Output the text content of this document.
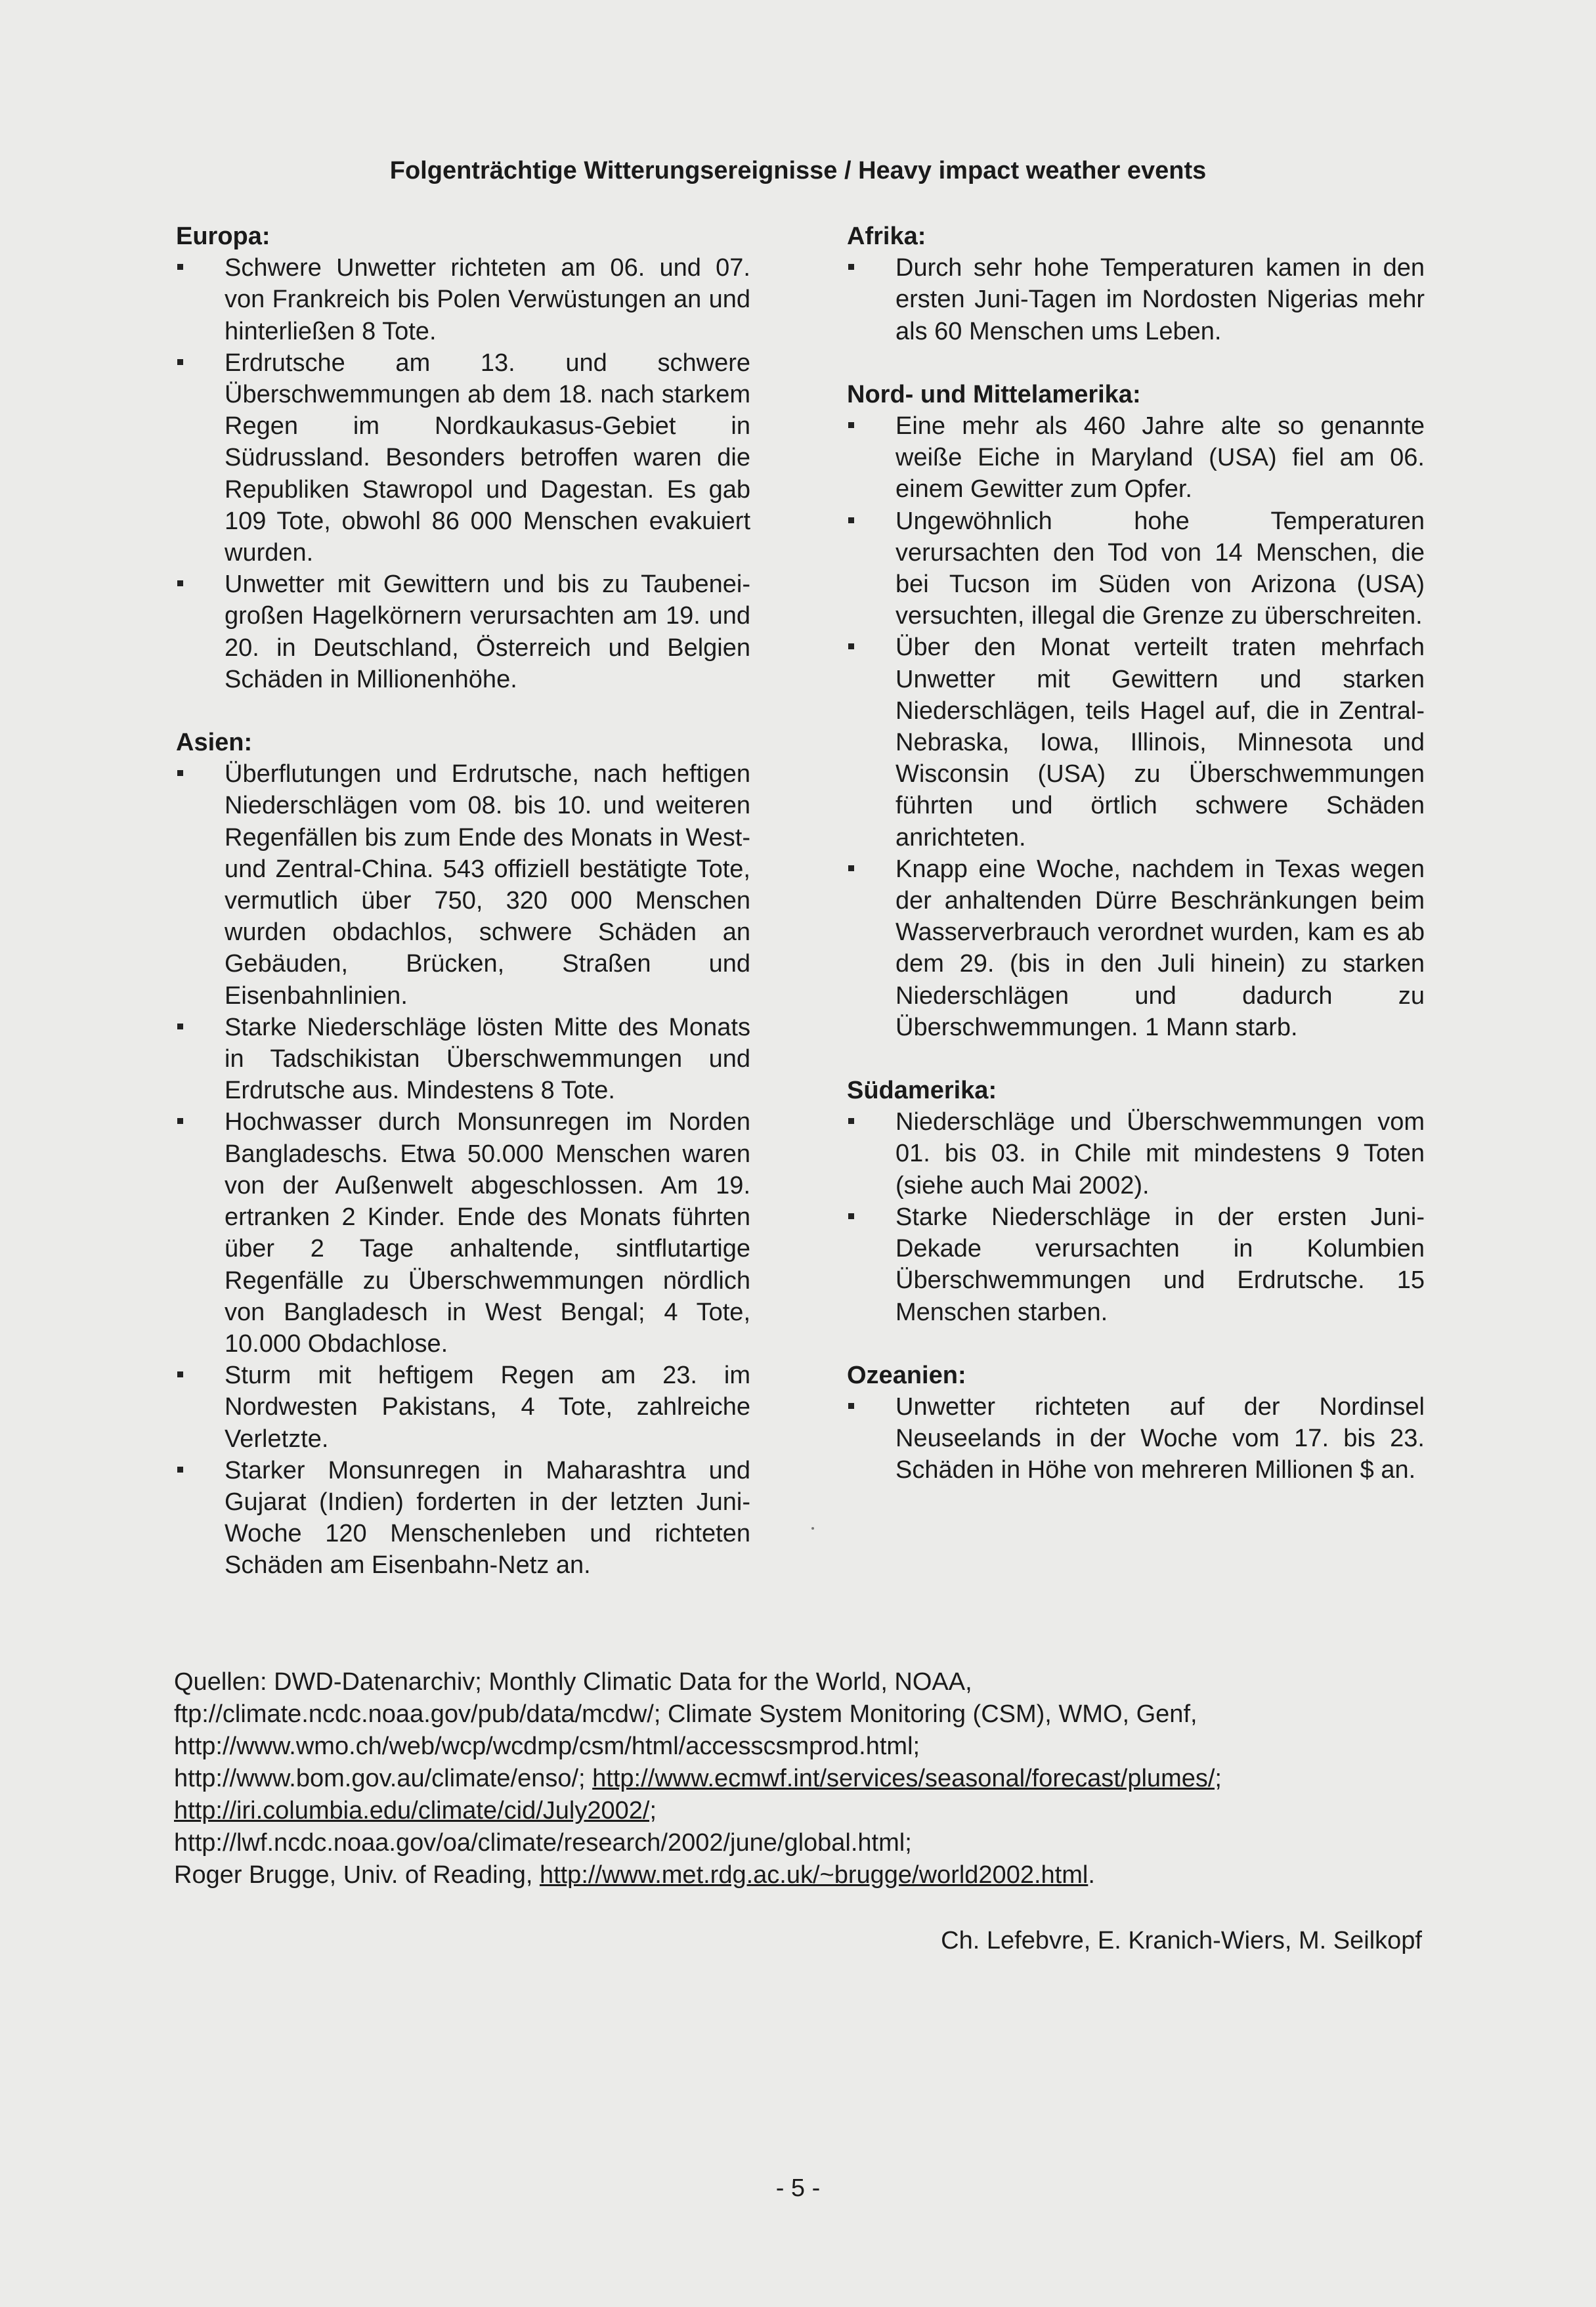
Folgenträchtige Witterungsereignisse / Heavy impact weather events

Europa:

Schwere Unwetter richteten am 06. und 07. von Frankreich bis Polen Verwüstungen an und hinterließen 8 Tote.
Erdrutsche am 13. und schwere Überschwemmungen ab dem 18. nach starkem Regen im Nordkaukasus-Gebiet in Südrussland. Besonders betroffen waren die Republiken Stawropol und Dagestan. Es gab 109 Tote, obwohl 86 000 Menschen evakuiert wurden.
Unwetter mit Gewittern und bis zu Taubenei-großen Hagelkörnern verursachten am 19. und 20. in Deutschland, Österreich und Belgien Schäden in Millionenhöhe.

Asien:

Überflutungen und Erdrutsche, nach heftigen Niederschlägen vom 08. bis 10. und weiteren Regenfällen bis zum Ende des Monats in West- und Zentral-China. 543 offiziell bestätigte Tote, vermutlich über 750, 320 000 Menschen wurden obdachlos, schwere Schäden an Gebäuden, Brücken, Straßen und Eisenbahnlinien.
Starke Niederschläge lösten Mitte des Monats in Tadschikistan Überschwemmungen und Erdrutsche aus. Mindestens 8 Tote.
Hochwasser durch Monsunregen im Norden Bangladeschs. Etwa 50.000 Menschen waren von der Außenwelt abgeschlossen. Am 19. ertranken 2 Kinder. Ende des Monats führten über 2 Tage anhaltende, sintflutartige Regenfälle zu Überschwemmungen nördlich von Bangladesch in West Bengal; 4 Tote, 10.000 Obdachlose.
Sturm mit heftigem Regen am 23. im Nordwesten Pakistans, 4 Tote, zahlreiche Verletzte.
Starker Monsunregen in Maharashtra und Gujarat (Indien) forderten in der letzten Juni-Woche 120 Menschenleben und richteten Schäden am Eisenbahn-Netz an.

Afrika:

Durch sehr hohe Temperaturen kamen in den ersten Juni-Tagen im Nordosten Nigerias mehr als 60 Menschen ums Leben.

Nord- und Mittelamerika:

Eine mehr als 460 Jahre alte so genannte weiße Eiche in Maryland (USA) fiel am 06. einem Gewitter zum Opfer.
Ungewöhnlich hohe Temperaturen verursachten den Tod von 14 Menschen, die bei Tucson im Süden von Arizona (USA) versuchten, illegal die Grenze zu überschreiten.
Über den Monat verteilt traten mehrfach Unwetter mit Gewittern und starken Niederschlägen, teils Hagel auf, die in Zentral-Nebraska, Iowa, Illinois, Minnesota und Wisconsin (USA) zu Überschwemmungen führten und örtlich schwere Schäden anrichteten.
Knapp eine Woche, nachdem in Texas wegen der anhaltenden Dürre Beschränkungen beim Wasserverbrauch verordnet wurden, kam es ab dem 29. (bis in den Juli hinein) zu starken Niederschlägen und dadurch zu Überschwemmungen. 1 Mann starb.

Südamerika:

Niederschläge und Überschwemmungen vom 01. bis 03. in Chile mit mindestens 9 Toten (siehe auch Mai 2002).
Starke Niederschläge in der ersten Juni-Dekade verursachten in Kolumbien Überschwemmungen und Erdrutsche. 15 Menschen starben.

Ozeanien:

Unwetter richteten auf der Nordinsel Neuseelands in der Woche vom 17. bis 23. Schäden in Höhe von mehreren Millionen $ an.
Quellen: DWD-Datenarchiv; Monthly Climatic Data for the World, NOAA,
ftp://climate.ncdc.noaa.gov/pub/data/mcdw/; Climate System Monitoring (CSM), WMO, Genf,
http://www.wmo.ch/web/wcp/wcdmp/csm/html/accesscsmprod.html;
http://www.bom.gov.au/climate/enso/; http://www.ecmwf.int/services/seasonal/forecast/plumes/;
http://iri.columbia.edu/climate/cid/July2002/;
http://lwf.ncdc.noaa.gov/oa/climate/research/2002/june/global.html;
Roger Brugge, Univ. of Reading, http://www.met.rdg.ac.uk/~brugge/world2002.html.
Ch. Lefebvre, E. Kranich-Wiers, M. Seilkopf
- 5 -
